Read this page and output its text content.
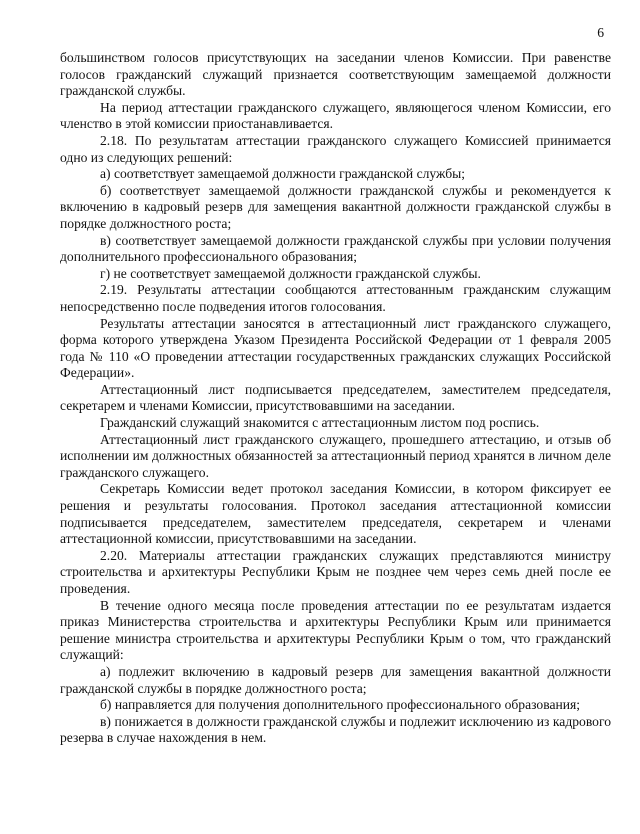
6

большинством голосов присутствующих на заседании членов Комиссии. При равенстве голосов гражданский служащий признается соответствующим замещаемой должности гражданской службы.

На период аттестации гражданского служащего, являющегося членом Комиссии, его членство в этой комиссии приостанавливается.

2.18. По результатам аттестации гражданского служащего Комиссией принимается одно из следующих решений:

а) соответствует замещаемой должности гражданской службы;

б) соответствует замещаемой должности гражданской службы и рекомендуется к включению в кадровый резерв для замещения вакантной должности гражданской службы в порядке должностного роста;

в) соответствует замещаемой должности гражданской службы при условии получения дополнительного профессионального образования;

г) не соответствует замещаемой должности гражданской службы.

2.19. Результаты аттестации сообщаются аттестованным гражданским служащим непосредственно после подведения итогов голосования.

Результаты аттестации заносятся в аттестационный лист гражданского служащего, форма которого утверждена Указом Президента Российской Федерации от 1 февраля 2005 года № 110 «О проведении аттестации государственных гражданских служащих Российской Федерации».

Аттестационный лист подписывается председателем, заместителем председателя, секретарем и членами Комиссии, присутствовавшими на заседании.

Гражданский служащий знакомится с аттестационным листом под роспись.

Аттестационный лист гражданского служащего, прошедшего аттестацию, и отзыв об исполнении им должностных обязанностей за аттестационный период хранятся в личном деле гражданского служащего.

Секретарь Комиссии ведет протокол заседания Комиссии, в котором фиксирует ее решения и результаты голосования. Протокол заседания аттестационной комиссии подписывается председателем, заместителем председателя, секретарем и членами аттестационной комиссии, присутствовавшими на заседании.

2.20. Материалы аттестации гражданских служащих представляются министру строительства и архитектуры Республики Крым не позднее чем через семь дней после ее проведения.

В течение одного месяца после проведения аттестации по ее результатам издается приказ Министерства строительства и архитектуры Республики Крым или принимается решение министра строительства и архитектуры Республики Крым о том, что гражданский служащий:

а) подлежит включению в кадровый резерв для замещения вакантной должности гражданской службы в порядке должностного роста;

б) направляется для получения дополнительного профессионального образования;

в) понижается в должности гражданской службы и подлежит исключению из кадрового резерва в случае нахождения в нем.
